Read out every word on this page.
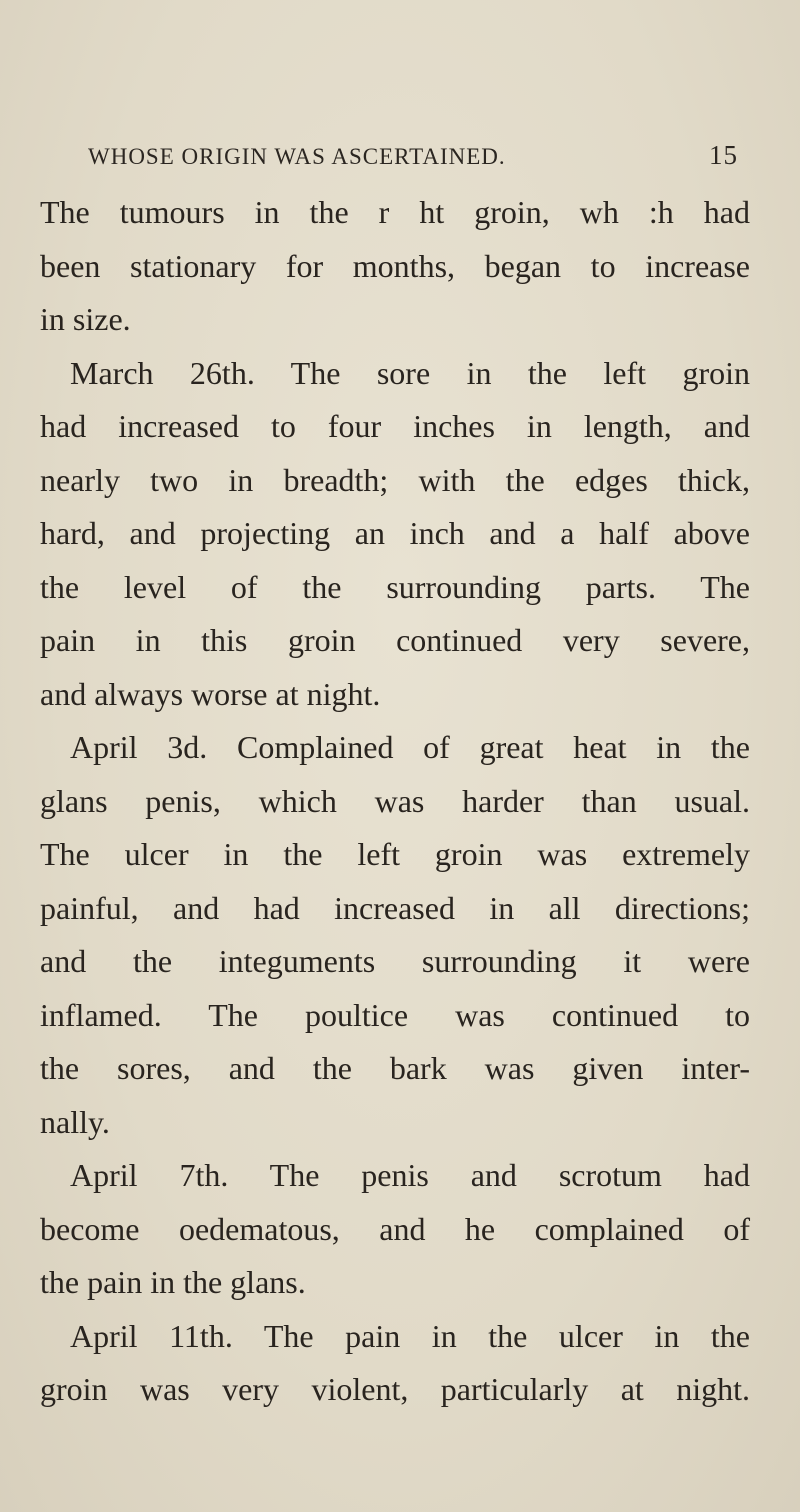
WHOSE ORIGIN WAS ASCERTAINED.	15
The tumours in the r ht groin, wh :h had
been stationary for months, began to increase
in size.
March 26th. The sore in the left groin
had increased to four inches in length, and
nearly two in breadth; with the edges thick,
hard, and projecting an inch and a half above
the level of the surrounding parts. The
pain in this groin continued very severe,
and always worse at night.
April 3d. Complained of great heat in the
glans penis, which was harder than usual.
The ulcer in the left groin was extremely
painful, and had increased in all directions;
and the integuments surrounding it were
inflamed. The poultice was continued to
the sores, and the bark was given inter-
nally.
April 7th. The penis and scrotum had
become oedematous, and he complained of
the pain in the glans.
April 11th. The pain in the ulcer in the
groin was very violent, particularly at night.
